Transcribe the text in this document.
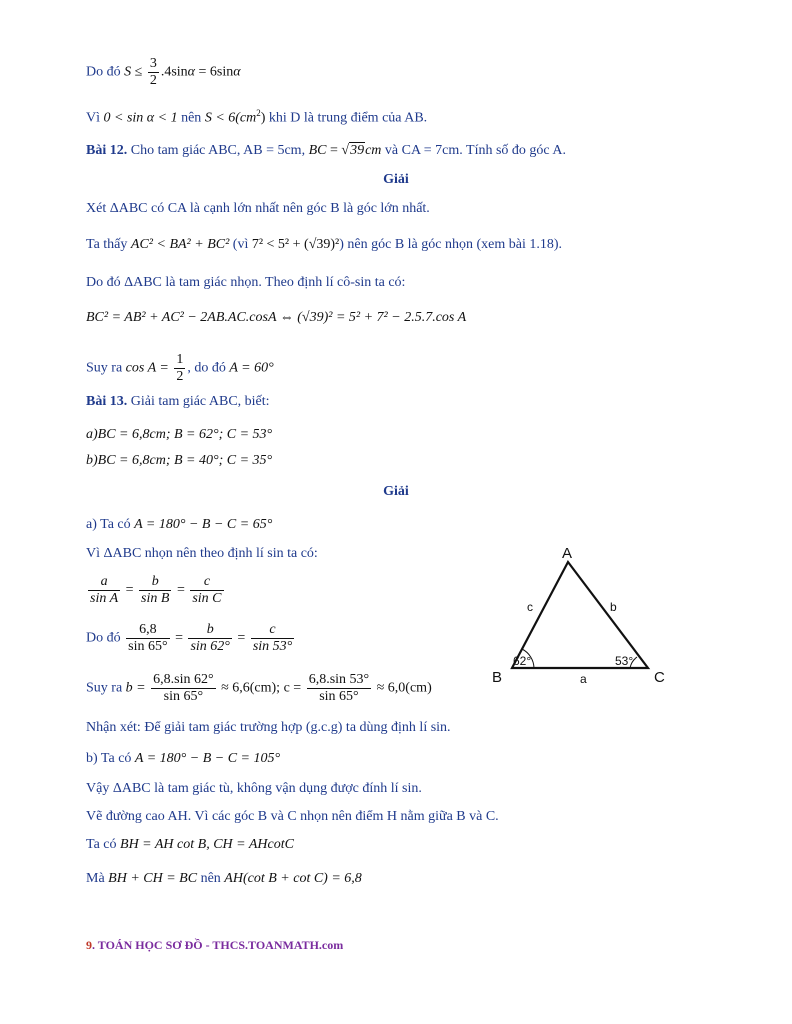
Do đó $S \le \frac{3}{2} .4\sin\alpha = 6\sin\alpha$
Vì 0 < sin α < 1 nên $S < 6(cm^2)$ khi D là trung điểm của AB.
Bài 12. Cho tam giác ABC, AB = 5cm, BC = √39cm và CA = 7cm. Tính số đo góc A.
Giải
Xét ΔABC có CA là cạnh lớn nhất nên góc B là góc lớn nhất.
Ta thấy AC² < BA² + BC² (vì 7² < 5² + (√39)²) nên góc B là góc nhọn (xem bài 1.18).
Do đó ΔABC là tam giác nhọn. Theo định lí cô-sin ta có:
BC² = AB² + AC² − 2AB.AC.cosA ⇔ (√39)² = 5² + 7² − 2.5.7.cos A
Suy ra $\cos A = \frac{1}{2}$ , do đó A = 60°
Bài 13. Giải tam giác ABC, biết:
a)BC = 6,8cm; B = 62°; C = 53°
b)BC = 6,8cm; B = 40°; C = 35°
Giải
a) Ta có A = 180° − B − C = 65°
Vì ΔABC nhọn nên theo định lí sin ta có:
$\frac{a}{\text{sin A}} = \frac{b}{\text{sin B}} = \frac{c}{\text{sin C}}$
Do đó $\frac{6,8}{\sin 65^\circ} = \frac{b}{\sin 62^\circ} = \frac{c}{\sin 53^\circ}$
Suy ra $b = \frac{6,8.\sin 62^\circ}{\sin 65^\circ} \approx 6,6(cm)$; $c = \frac{6,8.\sin 53^\circ}{\sin 65^\circ} \approx 6,0(cm)$
Nhận xét: Để giải tam giác trường hợp (g.c.g) ta dùng định lí sin.
b) Ta có A = 180° − B − C = 105°
Vậy ΔABC là tam giác tù, không vận dụng được đính lí sin.
Vẽ đường cao AH. Vì các góc B và C nhọn nên điểm H nằm giữa B và C.
Ta có BH = AH cot B, CH = AHcotC
Mà BH + CH = BC nên AH(cot B + cot C) = 6,8
A
B	C
c	b
a
62°	53°
9. TOÁN HỌC SƠ ĐỒ - THCS.TOANMATH.com
